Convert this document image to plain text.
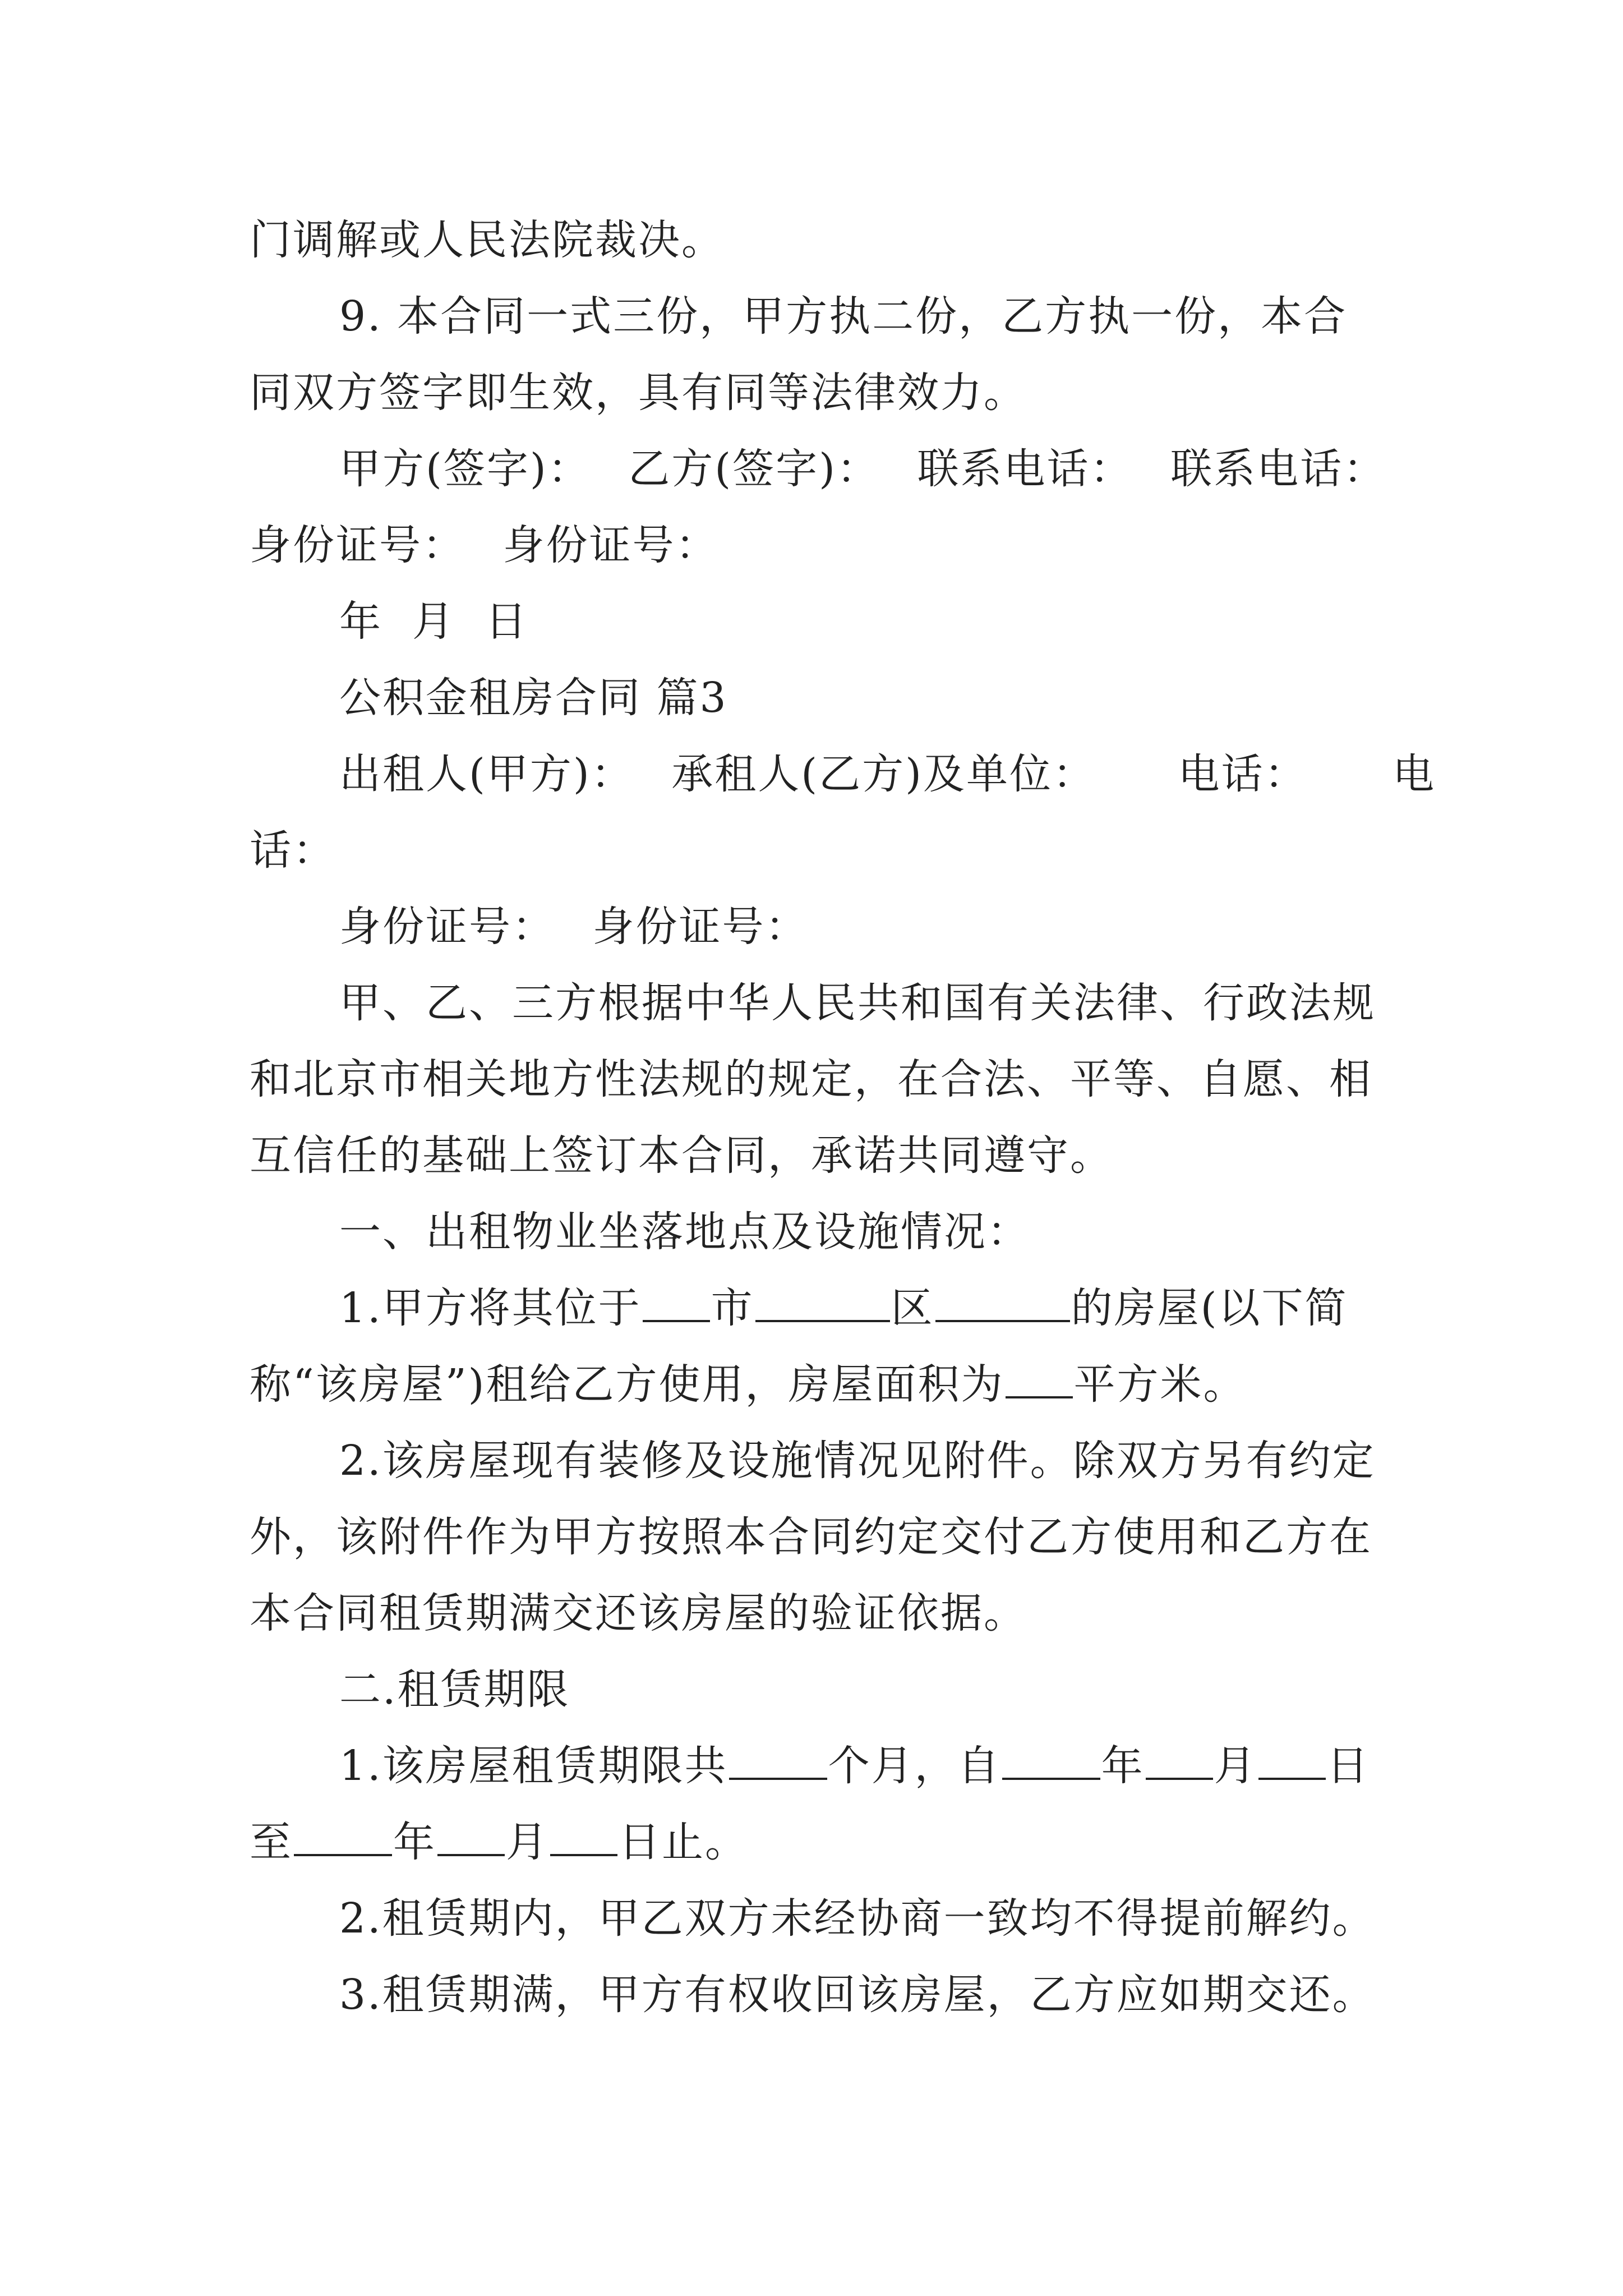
门调解或人民法院裁决。
9. 本合同一式三份，甲方执二份，乙方执一份，本合
同双方签字即生效，具有同等法律效力。
甲方(签字)： 乙方(签字)： 联系电话： 联系电话：
身份证号： 身份证号：
年  月  日
公积金租房合同 篇3
出租人(甲方)： 承租人(乙方)及单位： 电话： 电
话：
身份证号： 身份证号：
甲、乙、三方根据中华人民共和国有关法律、行政法规
和北京市相关地方性法规的规定，在合法、平等、自愿、相
互信任的基础上签订本合同，承诺共同遵守。
一、出租物业坐落地点及设施情况：
1.甲方将其位于 市	区	的房屋(以下简
称“该房屋”)租给乙方使用，房屋面积为 平方米。
2.该房屋现有装修及设施情况见附件。除双方另有约定
外，该附件作为甲方按照本合同约定交付乙方使用和乙方在
本合同租赁期满交还该房屋的验证依据。
二.租赁期限
1.该房屋租赁期限共 个月，自 年 月 日
至 年 月 日止。
2.租赁期内，甲乙双方未经协商一致均不得提前解约。
3.租赁期满，甲方有权收回该房屋，乙方应如期交还。
